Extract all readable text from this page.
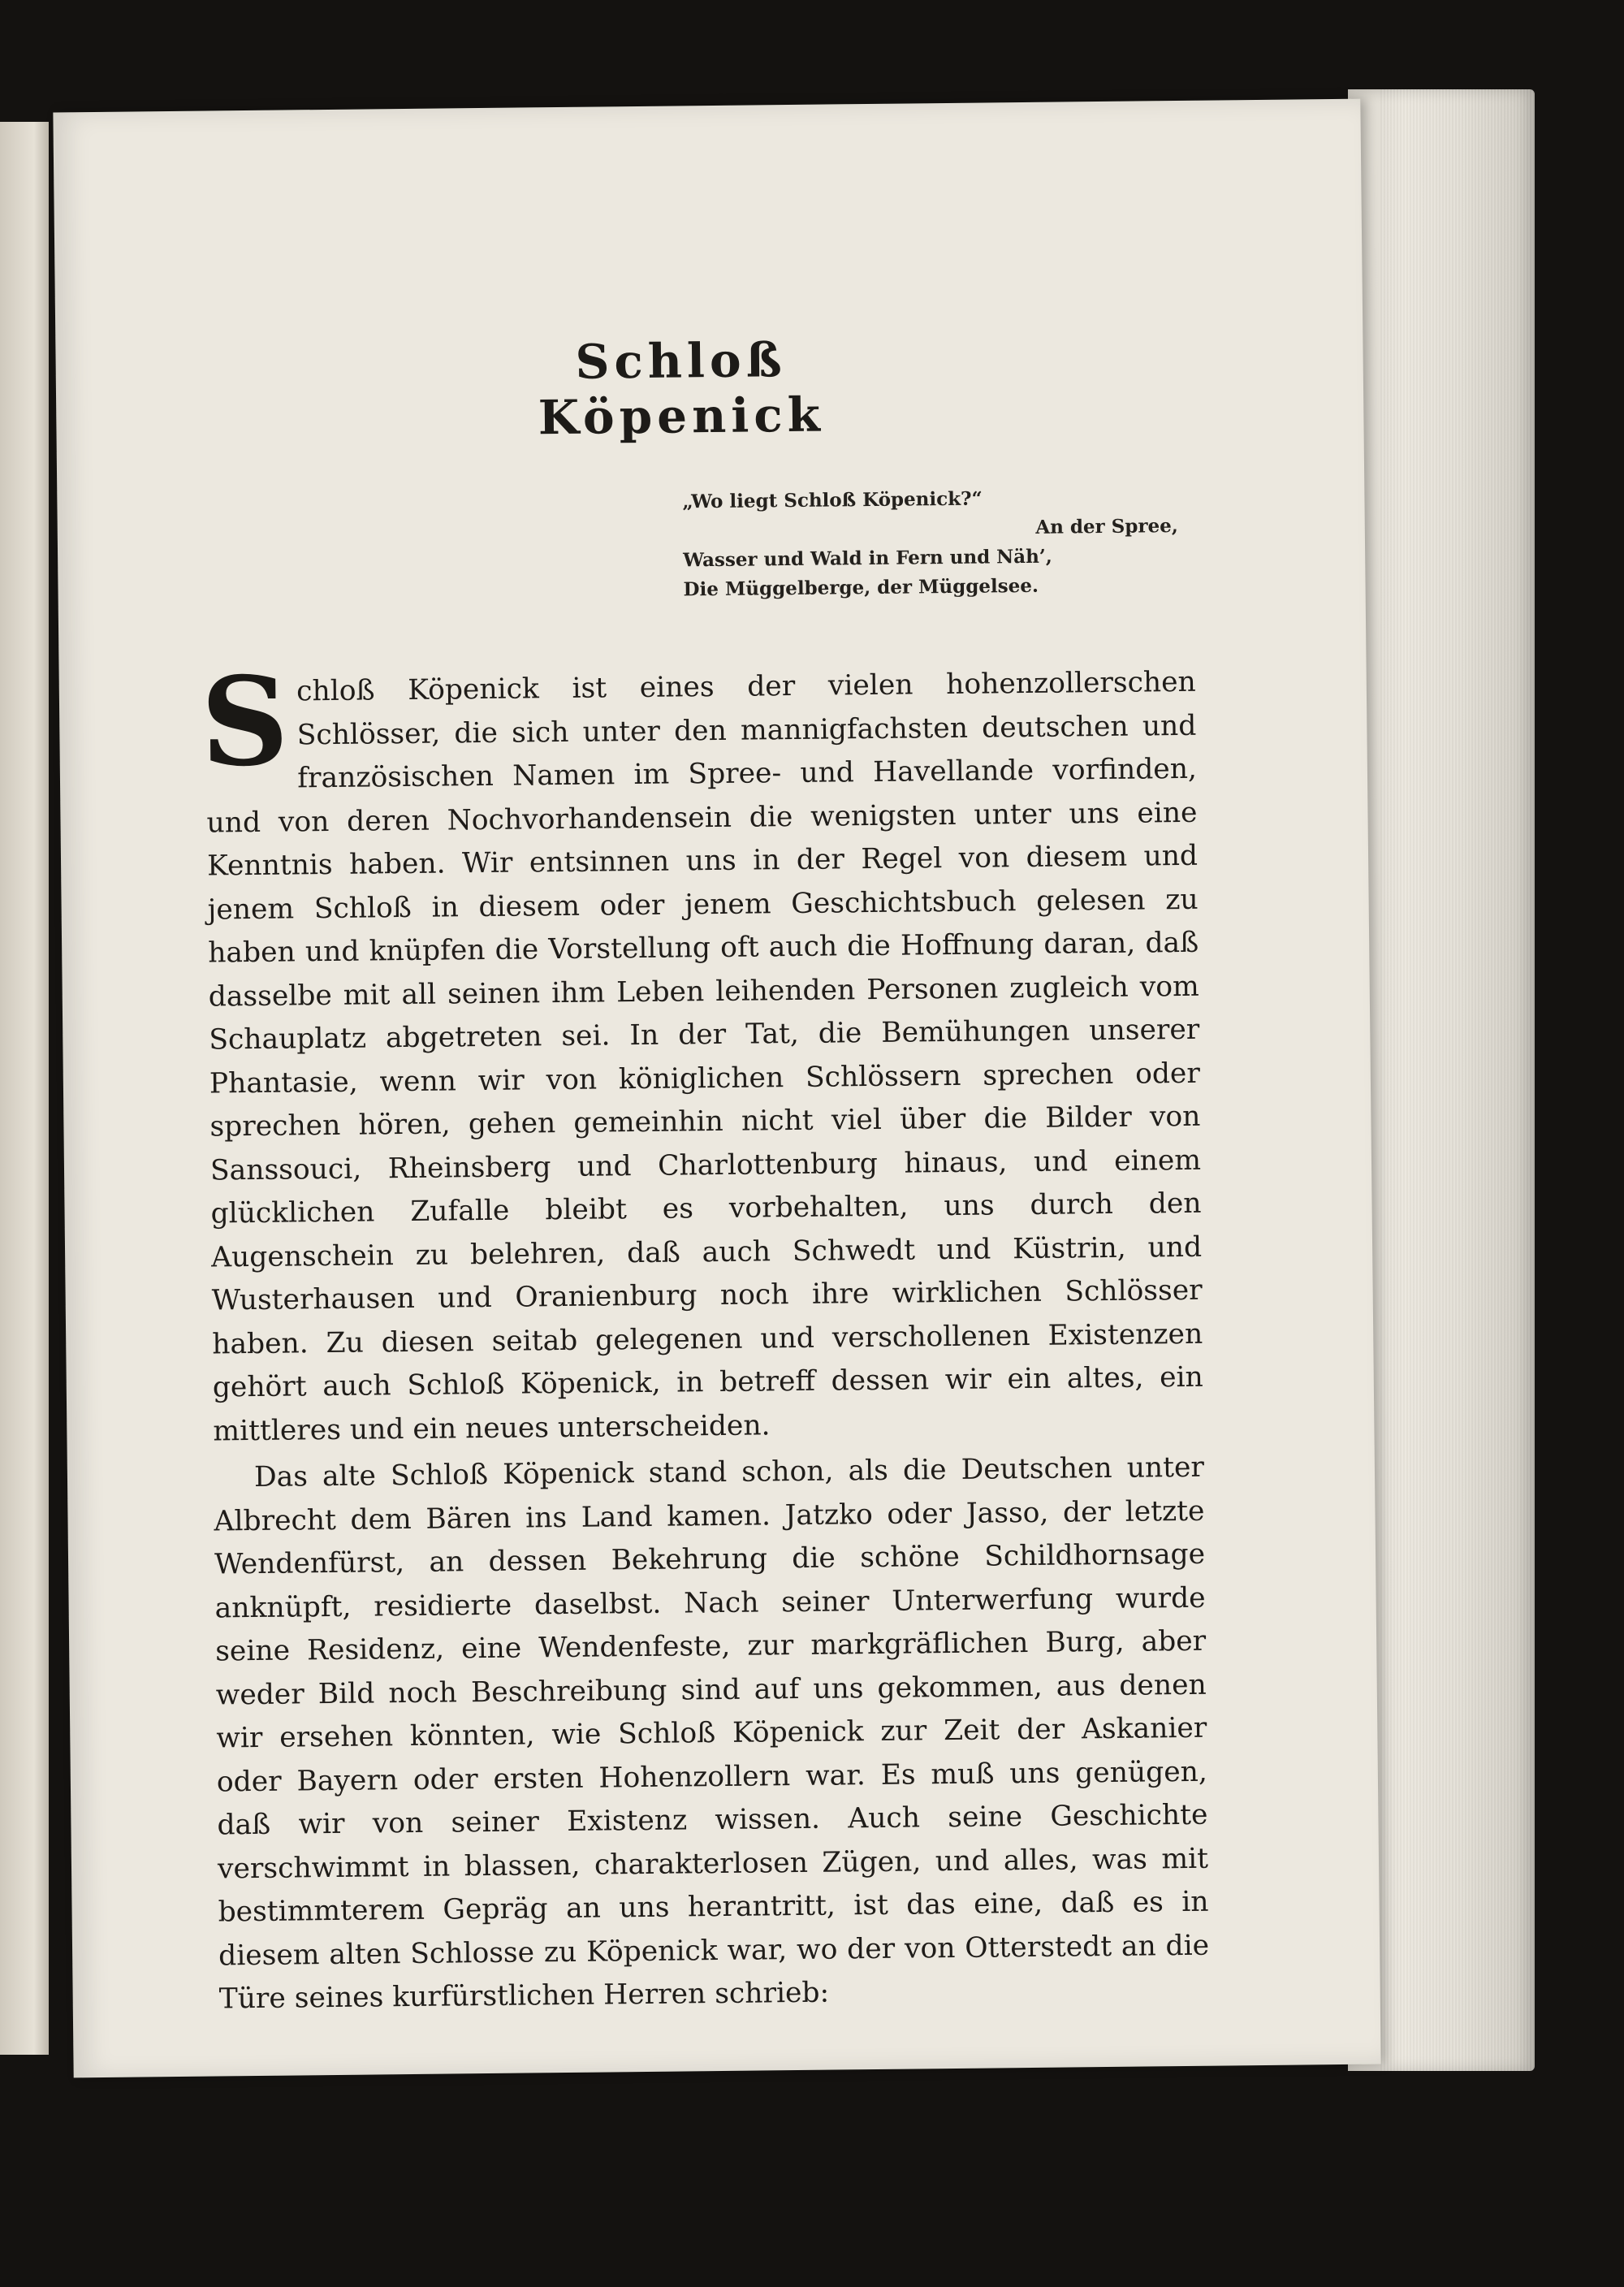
Schloß Köpenick
„Wo liegt Schloß Köpenick?“
An der Spree,
Wasser und Wald in Fern und Näh’,
Die Müggelberge, der Müggelsee.

Schloß Köpenick ist eines der vielen hohenzollerschen Schlösser, die sich unter den mannigfachsten deutschen und französischen Namen im Spree- und Havellande vorfinden, und von deren Nochvorhandensein die wenigsten unter uns eine Kenntnis haben. Wir entsinnen uns in der Regel von diesem und jenem Schloß in diesem oder jenem Geschichtsbuch gelesen zu haben und knüpfen die Vorstellung oft auch die Hoffnung daran, daß dasselbe mit all seinen ihm Leben leihenden Personen zugleich vom Schauplatz abgetreten sei. In der Tat, die Bemühungen unserer Phantasie, wenn wir von königlichen Schlössern sprechen oder sprechen hören, gehen gemeinhin nicht viel über die Bilder von Sanssouci, Rheinsberg und Charlottenburg hinaus, und einem glücklichen Zufalle bleibt es vorbehalten, uns durch den Augenschein zu belehren, daß auch Schwedt und Küstrin, und Wusterhausen und Oranienburg noch ihre wirklichen Schlösser haben. Zu diesen seitab gelegenen und verschollenen Existenzen gehört auch Schloß Köpenick, in betreff dessen wir ein altes, ein mittleres und ein neues unterscheiden.

Das alte Schloß Köpenick stand schon, als die Deutschen unter Albrecht dem Bären ins Land kamen. Jatzko oder Jasso, der letzte Wendenfürst, an dessen Bekehrung die schöne Schildhornsage anknüpft, residierte daselbst. Nach seiner Unterwerfung wurde seine Residenz, eine Wendenfeste, zur markgräflichen Burg, aber weder Bild noch Beschreibung sind auf uns gekommen, aus denen wir ersehen könnten, wie Schloß Köpenick zur Zeit der Askanier oder Bayern oder ersten Hohenzollern war. Es muß uns genügen, daß wir von seiner Existenz wissen. Auch seine Geschichte verschwimmt in blassen, charakterlosen Zügen, und alles, was mit bestimmterem Gepräg an uns herantritt, ist das eine, daß es in diesem alten Schlosse zu Köpenick war, wo der von Otterstedt an die Türe seines kurfürstlichen Herren schrieb:
